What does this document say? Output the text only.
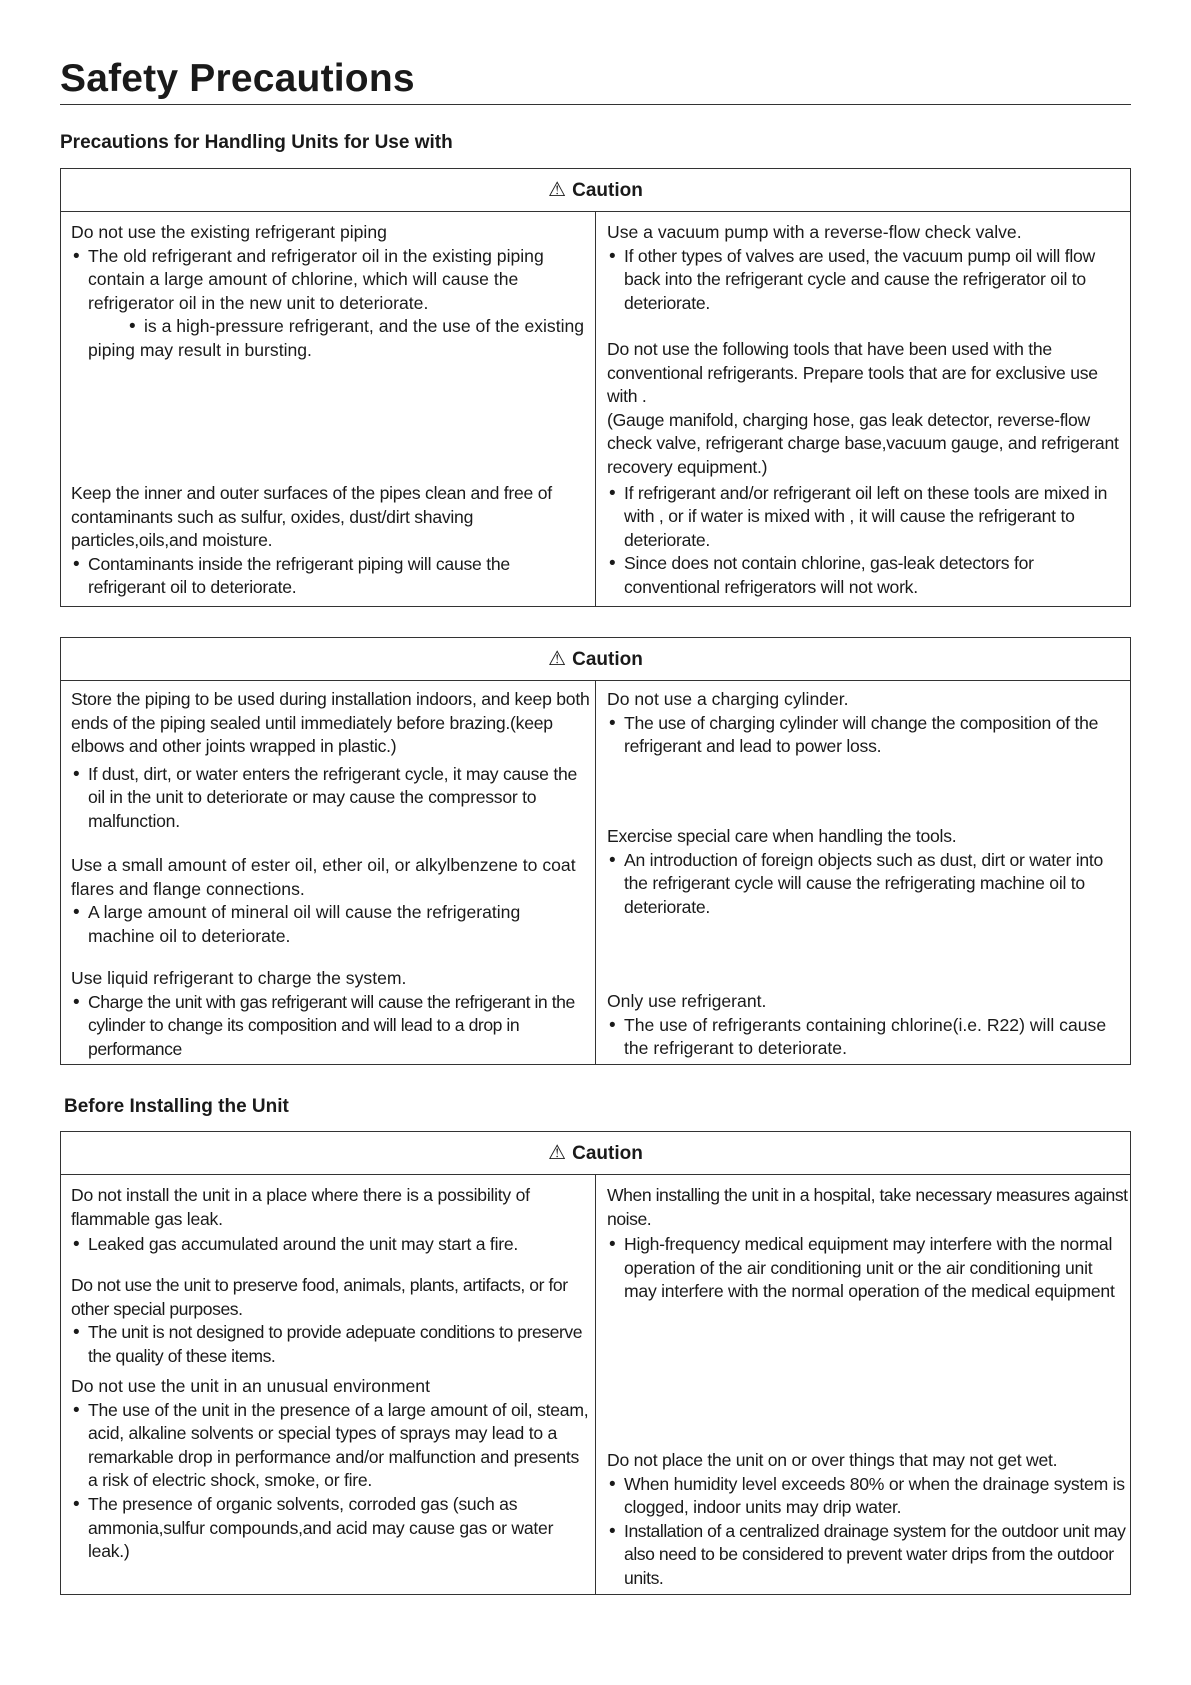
Safety Precautions
Precautions for Handling Units for Use with
⚠ Caution

Do not use the existing refrigerant piping

• The old refrigerant and refrigerator oil in the existing piping contain a large amount of chlorine, which will cause the refrigerator oil in the new unit to deteriorate.

• is a high-pressure refrigerant, and the use of the existing piping may result in bursting.

Keep the inner and outer surfaces of the pipes clean and free of contaminants such as sulfur, oxides, dust/dirt shaving particles,oils,and moisture.

• Contaminants inside the refrigerant piping will cause the refrigerant oil to deteriorate.

Use a vacuum pump with a reverse-flow check valve.

• If other types of valves are used, the vacuum pump oil will flow back into the refrigerant cycle and cause the refrigerator oil to deteriorate.

Do not use the following tools that have been used with the conventional refrigerants. Prepare tools that are for exclusive use with .

(Gauge manifold, charging hose, gas leak detector, reverse-flow check valve, refrigerant charge base,vacuum gauge, and refrigerant recovery equipment.)

• If refrigerant and/or refrigerant oil left on these tools are mixed in with , or if water is mixed with , it will cause the refrigerant to deteriorate.

• Since does not contain chlorine, gas-leak detectors for conventional refrigerators will not work.

⚠ Caution

Store the piping to be used during installation indoors, and keep both ends of the piping sealed until immediately before brazing.(keep elbows and other joints wrapped in plastic.)

• If dust, dirt, or water enters the refrigerant cycle, it may cause the oil in the unit to deteriorate or may cause the compressor to malfunction.

Use a small amount of ester oil, ether oil, or alkylbenzene to coat flares and flange connections.

• A large amount of mineral oil will cause the refrigerating machine oil to deteriorate.

Use liquid refrigerant to charge the system.

• Charge the unit with gas refrigerant will cause the refrigerant in the cylinder to change its composition and will lead to a drop in performance

Do not use a charging cylinder.

• The use of charging cylinder will change the composition of the refrigerant and lead to power loss.

Exercise special care when handling the tools.

• An introduction of foreign objects such as dust, dirt or water into the refrigerant cycle will cause the refrigerating machine oil to deteriorate.

Only use refrigerant.

• The use of refrigerants containing chlorine(i.e. R22) will cause the refrigerant to deteriorate.

Before Installing the Unit
⚠ Caution

Do not install the unit in a place where there is a possibility of flammable gas leak.

• Leaked gas accumulated around the unit may start a fire.

Do not use the unit to preserve food, animals, plants, artifacts, or for other special purposes.

• The unit is not designed to provide adepuate conditions to preserve the quality of these items.

Do not use the unit in an unusual environment

• The use of the unit in the presence of a large amount of oil, steam, acid, alkaline solvents or special types of sprays may lead to a remarkable drop in performance and/or malfunction and presents a risk of electric shock, smoke, or fire.

• The presence of organic solvents, corroded gas (such as ammonia,sulfur compounds,and acid may cause gas or water leak.)

When installing the unit in a hospital, take necessary measures against noise.

• High-frequency medical equipment may interfere with the normal operation of the air conditioning unit or the air conditioning unit may interfere with the normal operation of the medical equipment

Do not place the unit on or over things that may not get wet.

• When humidity level exceeds 80% or when the drainage system is clogged, indoor units may drip water.

• Installation of a centralized drainage system for the outdoor unit may also need to be considered to prevent water drips from the outdoor units.
